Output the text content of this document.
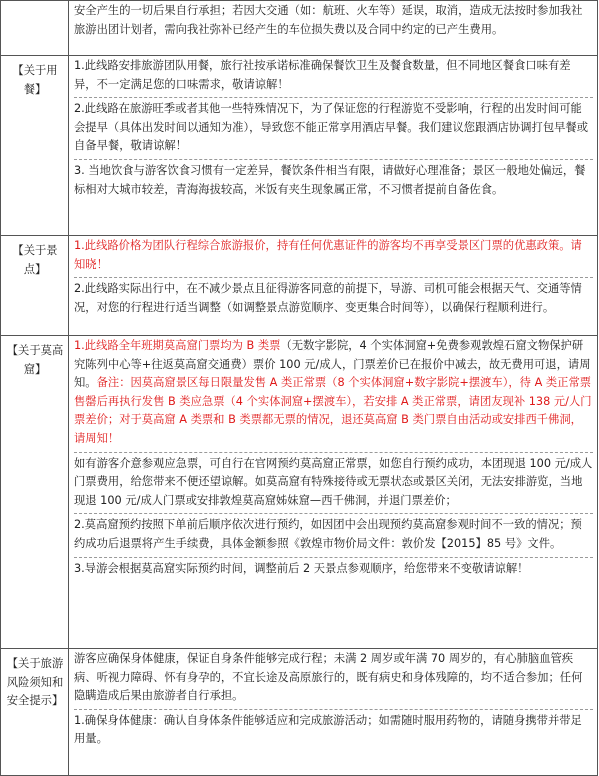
	安全产生的一切后果自行承担；若因大交通（如：航班、火车等）延误，取消，造成无法按时参加我社旅游出团计划者，需向我社弥补已经产生的车位损失费以及合同中约定的已产生费用。

【关于用餐】	1.此线路安排旅游团队用餐，旅行社按承诺标准确保餐饮卫生及餐食数量，但不同地区餐食口味有差异，不一定满足您的口味需求，敬请谅解！

2.此线路在旅游旺季或者其他一些特殊情况下，为了保证您的行程游览不受影响，行程的出发时间可能会提早（具体出发时间以通知为准），导致您不能正常享用酒店早餐。我们建议您跟酒店协调打包早餐或自备早餐，敬请谅解！

3. 当地饮食与游客饮食习惯有一定差异，餐饮条件相当有限，请做好心理准备；景区一般地处偏远，餐标相对大城市较差，青海海拔较高，米饭有夹生现象属正常，不习惯者提前自备佐食。

【关于景点】	1.此线路价格为团队行程综合旅游报价，持有任何优惠证件的游客均不再享受景区门票的优惠政策。请知晓！

2.此线路实际出行中，在不减少景点且征得游客同意的前提下，导游、司机可能会根据天气、交通等情况，对您的行程进行适当调整（如调整景点游览顺序、变更集合时间等），以确保行程顺利进行。

【关于莫高窟】	1.此线路全年班期莫高窟门票均为 B 类票（无数字影院，4 个实体洞窟+免费参观敦煌石窟文物保护研究陈列中心等+往返莫高窟交通费）票价 100 元/成人，门票差价已在报价中减去，故无费用可退，请周知。备注：因莫高窟景区每日限量发售 A 类正常票（8 个实体洞窟+数字影院+摆渡车），待 A 类正常票售罄后再执行发售 B 类应急票（4 个实体洞窟+摆渡车），若安排 A 类正常票，请团友现补 138 元/人门票差价；对于莫高窟 A 类票和 B 类票都无票的情况，退还莫高窟 B 类门票自由活动或安排西千佛洞，请周知！

如有游客介意参观应急票，可自行在官网预约莫高窟正常票，如您自行预约成功，本团现退 100 元/成人门票费用，给您带来不便还望谅解。如莫高窟有特殊接待或无票状态或景区关闭，无法安排游览，当地现退 100 元/成人门票或安排敦煌莫高窟姊妹窟—西千佛洞，并退门票差价；

2.莫高窟预约按照下单前后顺序依次进行预约，如因团中会出现预约莫高窟参观时间不一致的情况；预约成功后退票将产生手续费，具体金额参照《敦煌市物价局文件：敦价发【2015】85 号》文件。

3.导游会根据莫高窟实际预约时间，调整前后 2 天景点参观顺序，给您带来不变敬请谅解！

【关于旅游风险须知和安全提示】	游客应确保身体健康，保证自身条件能够完成行程；未满 2 周岁或年满 70 周岁的，有心肺脑血管疾病、听视力障碍、怀有身孕的，不宜长途及高原旅行的，既有病史和身体残障的，均不适合参加；任何隐瞒造成后果由旅游者自行承担。

1.确保身体健康：确认自身体条件能够适应和完成旅游活动；如需随时服用药物的，请随身携带并带足用量。
